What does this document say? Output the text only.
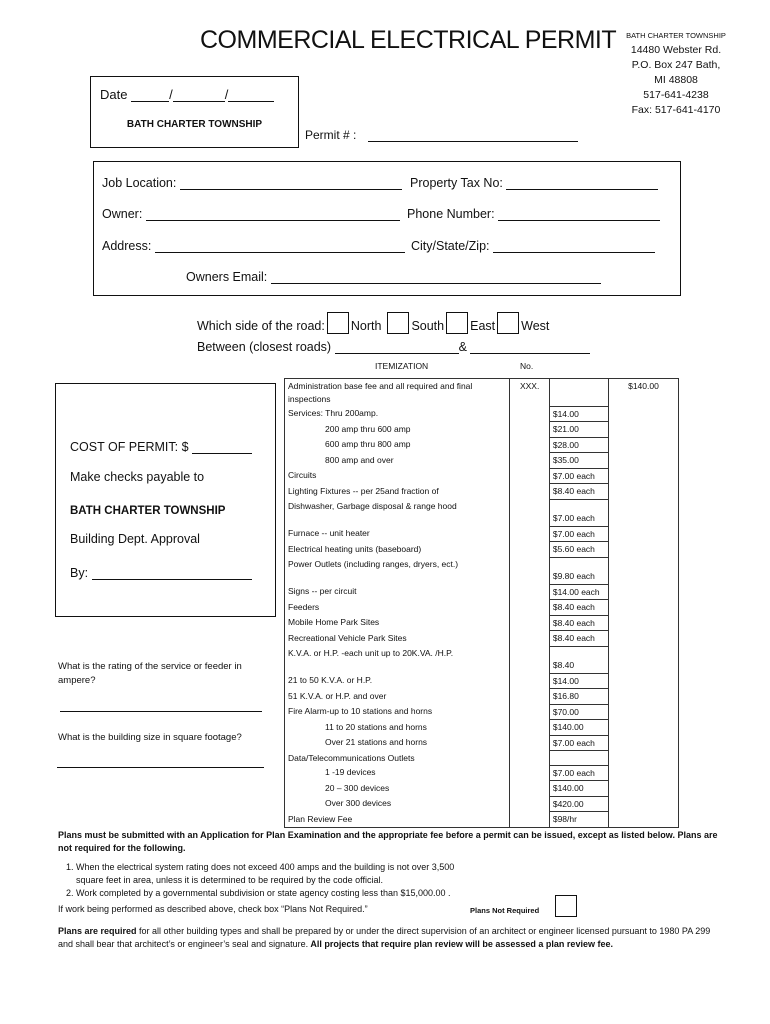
COMMERCIAL ELECTRICAL PERMIT	BATH CHARTER TOWNSHIP
14480 Webster Rd.
P.O. Box 247 Bath,
MI 48808
517-641-4238
Fax: 517-641-4170
Date	/	/
BATH CHARTER TOWNSHIP
Permit # :
Job Location:	Property Tax No:
Owner:	Phone Number:
Address:	City/State/Zip:
Owners Email:
Which side of the road: North South East West
Between (closest roads)	&
ITEMIZATION	No.
COST OF PERMIT: $
Make checks payable to
BATH CHARTER TOWNSHIP
Building Dept. Approval
By:
What is the rating of the service or feeder in ampere?
What is the building size in square footage?
Administration base fee and all required and final inspections	XXX.		$140.00
Services: Thru 200amp.		$14.00	
200 amp thru 600 amp		$21.00	
600 amp thru 800 amp		$28.00	
800 amp and over		$35.00	
Circuits		$7.00 each	
Lighting Fixtures -- per 25and fraction of		$8.40 each	
Dishwasher, Garbage disposal & range hood		$7.00 each	
Furnace -- unit heater		$7.00 each	
Electrical heating units (baseboard)		$5.60 each	
Power Outlets (including ranges, dryers, ect.)		$9.80 each	
Signs -- per circuit		$14.00 each	
Feeders		$8.40 each	
Mobile Home Park Sites		$8.40 each	
Recreational Vehicle Park Sites		$8.40 each	
K.V.A. or H.P. -each unit up to 20K.VA. /H.P.		$8.40	
21 to 50 K.V.A. or H.P.		$14.00	
51 K.V.A. or H.P. and over		$16.80	
Fire Alarm-up to 10 stations and horns		$70.00	
11 to 20 stations and horns		$140.00	
Over 21 stations and horns		$7.00 each	
Data/Telecommunications Outlets			
1 -19 devices		$7.00 each	
20 – 300 devices		$140.00	
Over 300 devices		$420.00	
Plan Review Fee		$98/hr	
Plans must be submitted with an Application for Plan Examination and the appropriate fee before a permit can be issued, except as listed below. Plans are not required for the following.
1. When the electrical system rating does not exceed 400 amps and the building is not over 3,500
square feet in area, unless it is determined to be required by the code official.
2. Work completed by a governmental subdivision or state agency costing less than $15,000.00 .
If work being performed as described above, check box “Plans Not Required.”
Plans are required for all other building types and shall be prepared by or under the direct supervision of an architect or engineer licensed pursuant to 1980 PA 299 and shall bear that architect’s or engineer’s seal and signature. All projects that require plan review will be assessed a plan review fee.
Plans Not Required
